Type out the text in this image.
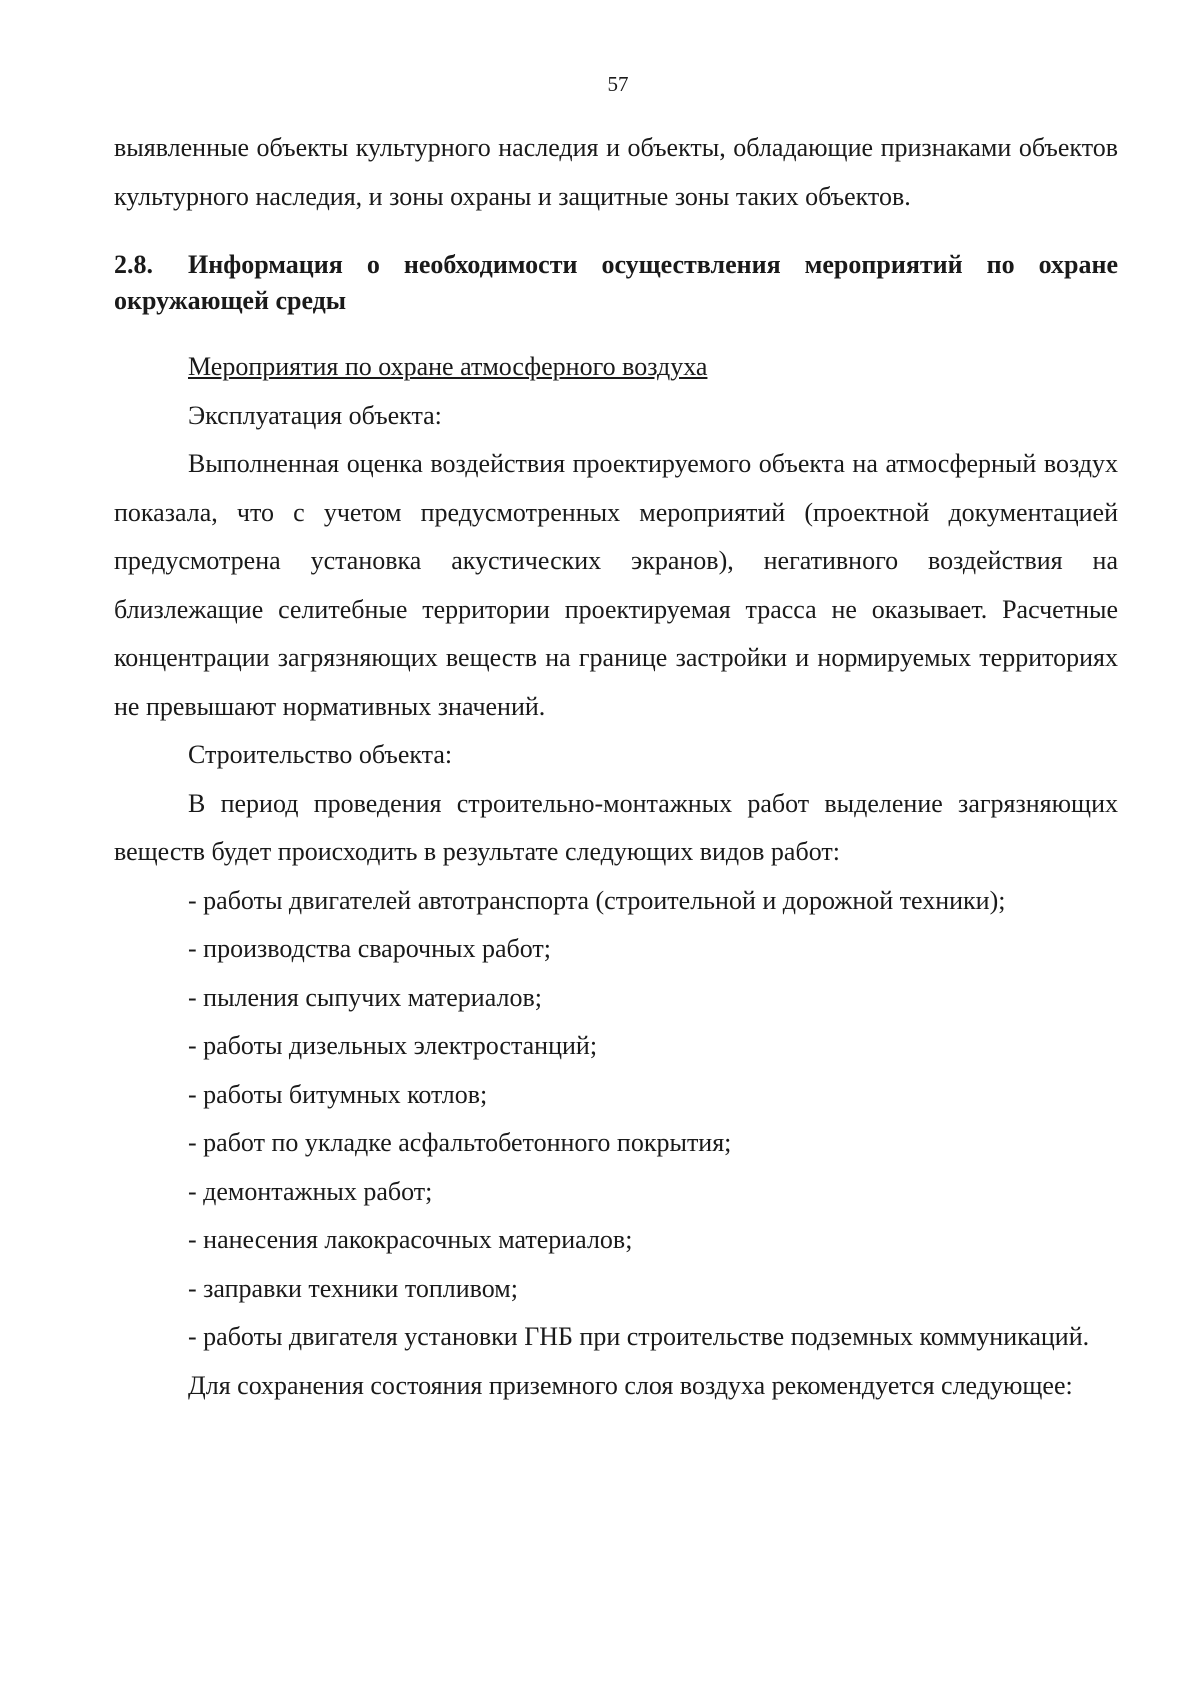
57

выявленные объекты культурного наследия и объекты, обладающие признаками объектов культурного наследия, и зоны охраны и защитные зоны таких объектов.

2.8. Информация о необходимости осуществления мероприятий по охране окружающей среды

Мероприятия по охране атмосферного воздуха

Эксплуатация объекта:

Выполненная оценка воздействия проектируемого объекта на атмосферный воздух показала, что с учетом предусмотренных мероприятий (проектной документацией предусмотрена установка акустических экранов), негативного воздействия на близлежащие селитебные территории проектируемая трасса не оказывает. Расчетные концентрации загрязняющих веществ на границе застройки и нормируемых территориях не превышают нормативных значений.

Строительство объекта:

В период проведения строительно-монтажных работ выделение загрязняющих веществ будет происходить в результате следующих видов работ:

- работы двигателей автотранспорта (строительной и дорожной техники);

- производства сварочных работ;

- пыления сыпучих материалов;

- работы дизельных электростанций;

- работы битумных котлов;

- работ по укладке асфальтобетонного покрытия;

- демонтажных работ;

- нанесения лакокрасочных материалов;

- заправки техники топливом;

- работы двигателя установки ГНБ при строительстве подземных коммуникаций.

Для сохранения состояния приземного слоя воздуха рекомендуется следующее:
